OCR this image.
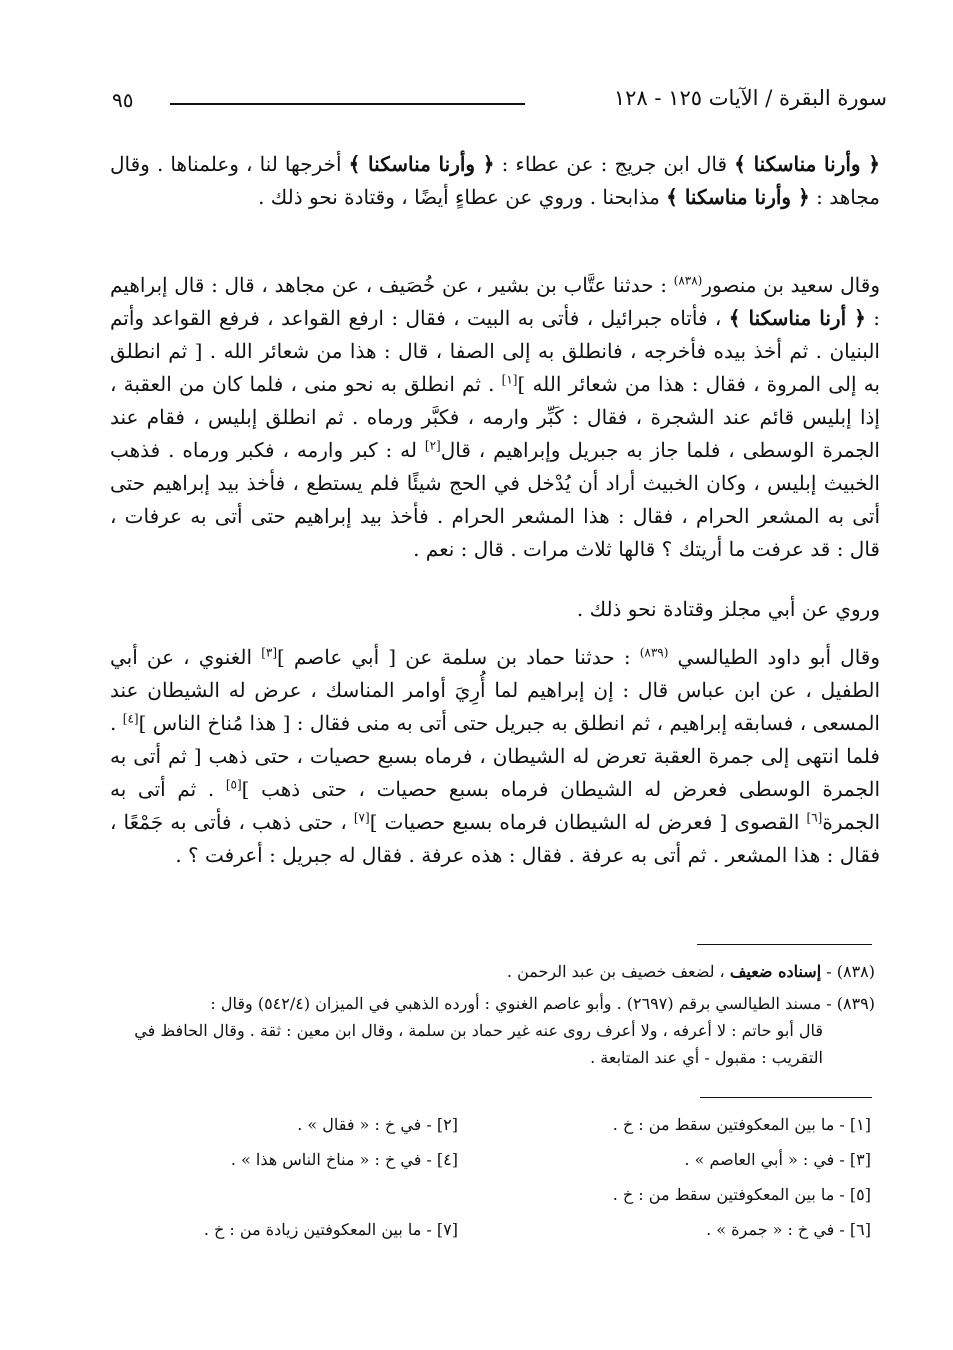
٩٥	سورة البقرة / الآيات ١٢٥ - ١٢٨

﴿ وأرنا مناسكنا ﴾ قال ابن جريج : عن عطاء : ﴿ وأرنا مناسكنا ﴾ أخرجها لنا ، وعلمناها . وقال مجاهد : ﴿ وأرنا مناسكنا ﴾ مذابحنا . وروي عن عطاءٍ أيضًا ، وقتادة نحو ذلك .

وقال سعيد بن منصور$^{(٨٣٨)}$ : حدثنا عتَّاب بن بشير ، عن خُصَيف ، عن مجاهد ، قال : قال إبراهيم : ﴿ أرنا مناسكنا ﴾ ، فأتاه جبرائيل ، فأتى به البيت ، فقال : ارفع القواعد ، فرفع القواعد وأتم البنيان . ثم أخذ بيده فأخرجه ، فانطلق به إلى الصفا ، قال : هذا من شعائر الله . [ ثم انطلق به إلى المروة ، فقال : هذا من شعائر الله ][١] . ثم انطلق به نحو منى ، فلما كان من العقبة ، إذا إبليس قائم عند الشجرة ، فقال : كَبِّر وارمه ، فكبَّر ورماه . ثم انطلق إبليس ، فقام عند الجمرة الوسطى ، فلما جاز به جبريل وإبراهيم ، قال[٢] له : كبر وارمه ، فكبر ورماه . فذهب الخبيث إبليس ، وكان الخبيث أراد أن يُدْخل في الحج شيئًا فلم يستطع ، فأخذ بيد إبراهيم حتى أتى به المشعر الحرام ، فقال : هذا المشعر الحرام . فأخذ بيد إبراهيم حتى أتى به عرفات ، قال : قد عرفت ما أريتك ؟ قالها ثلاث مرات . قال : نعم .

وروي عن أبي مجلز وقتادة نحو ذلك .

وقال أبو داود الطيالسي $^{(٨٣٩)}$ : حدثنا حماد بن سلمة عن [ أبي عاصم ][٣] الغنوي ، عن أبي الطفيل ، عن ابن عباس قال : إن إبراهيم لما أُرِيَ أوامر المناسك ، عرض له الشيطان عند المسعى ، فسابقه إبراهيم ، ثم انطلق به جبريل حتى أتى به منى فقال : [ هذا مُناخ الناس ][٤] . فلما انتهى إلى جمرة العقبة تعرض له الشيطان ، فرماه بسبع حصيات ، حتى ذهب [ ثم أتى به الجمرة الوسطى فعرض له الشيطان فرماه بسبع حصيات ، حتى ذهب ][٥] . ثم أتى به الجمرة[٦] القصوى [ فعرض له الشيطان فرماه بسبع حصيات ][٧] ، حتى ذهب ، فأتى به جَمْعًا ، فقال : هذا المشعر . ثم أتى به عرفة . فقال : هذه عرفة . فقال له جبريل : أعرفت ؟ .

(٨٣٨) - إسناده ضعيف ، لضعف خصيف بن عبد الرحمن .
(٨٣٩) - مسند الطيالسي برقم (٢٦٩٧) . وأبو عاصم الغنوي : أورده الذهبي في الميزان (٥٤٢/٤) وقال :
قال أبو حاتم : لا أعرفه ، ولا أعرف روى عنه غير حماد بن سلمة ، وقال ابن معين : ثقة . وقال الحافظ في التقريب : مقبول - أي عند المتابعة .
[١] - ما بين المعكوفتين سقط من : خ .
[٢] - في خ : « فقال » .
[٣] - في : « أبي العاصم » .
[٤] - في خ : « مناخ الناس هذا » .
[٥] - ما بين المعكوفتين سقط من : خ .
[٦] - في خ : « جمرة » .
[٧] - ما بين المعكوفتين زيادة من : خ .
